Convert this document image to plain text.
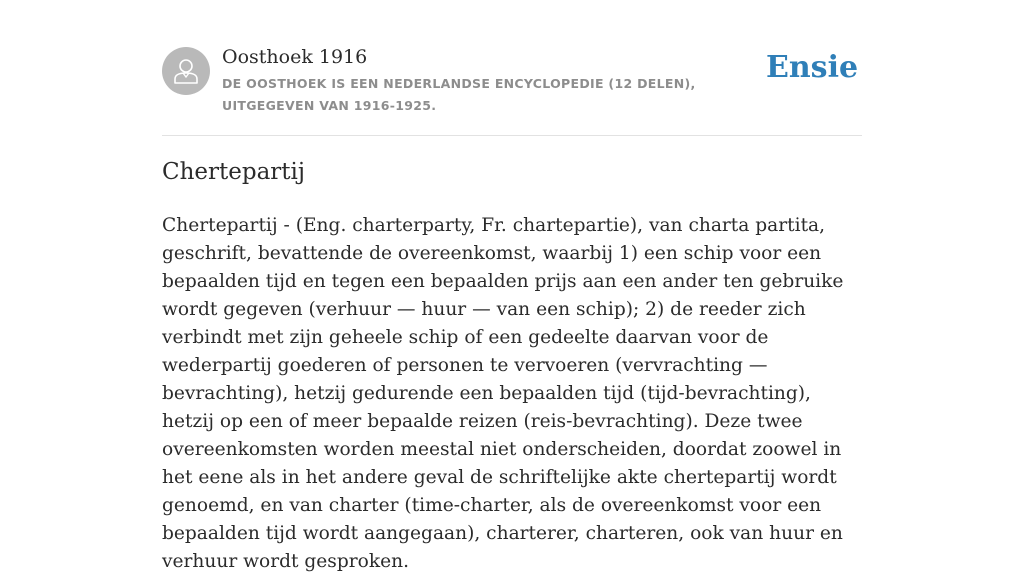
Oosthoek 1916
DE OOSTHOEK IS EEN NEDERLANDSE ENCYCLOPEDIE (12 DELEN), UITGEGEVEN VAN 1916-1925.
Ensie
Chertepartij

Chertepartij - (Eng. charterparty, Fr. chartepartie), van charta partita, geschrift, bevattende de overeenkomst, waarbij 1) een schip voor een bepaalden tijd en tegen een bepaalden prijs aan een ander ten gebruike wordt gegeven (verhuur — huur — van een schip); 2) de reeder zich verbindt met zijn geheele schip of een gedeelte daarvan voor de wederpartij goederen of personen te vervoeren (vervrachting — bevrachting), hetzij gedurende een bepaalden tijd (tijd-bevrachting), hetzij op een of meer bepaalde reizen (reis-bevrachting). Deze twee overeenkomsten worden meestal niet onderscheiden, doordat zoowel in het eene als in het andere geval de schriftelijke akte chertepartij wordt genoemd, en van charter (time-charter, als de overeenkomst voor een bepaalden tijd wordt aangegaan), charterer, charteren, ook van huur en verhuur wordt gesproken.
